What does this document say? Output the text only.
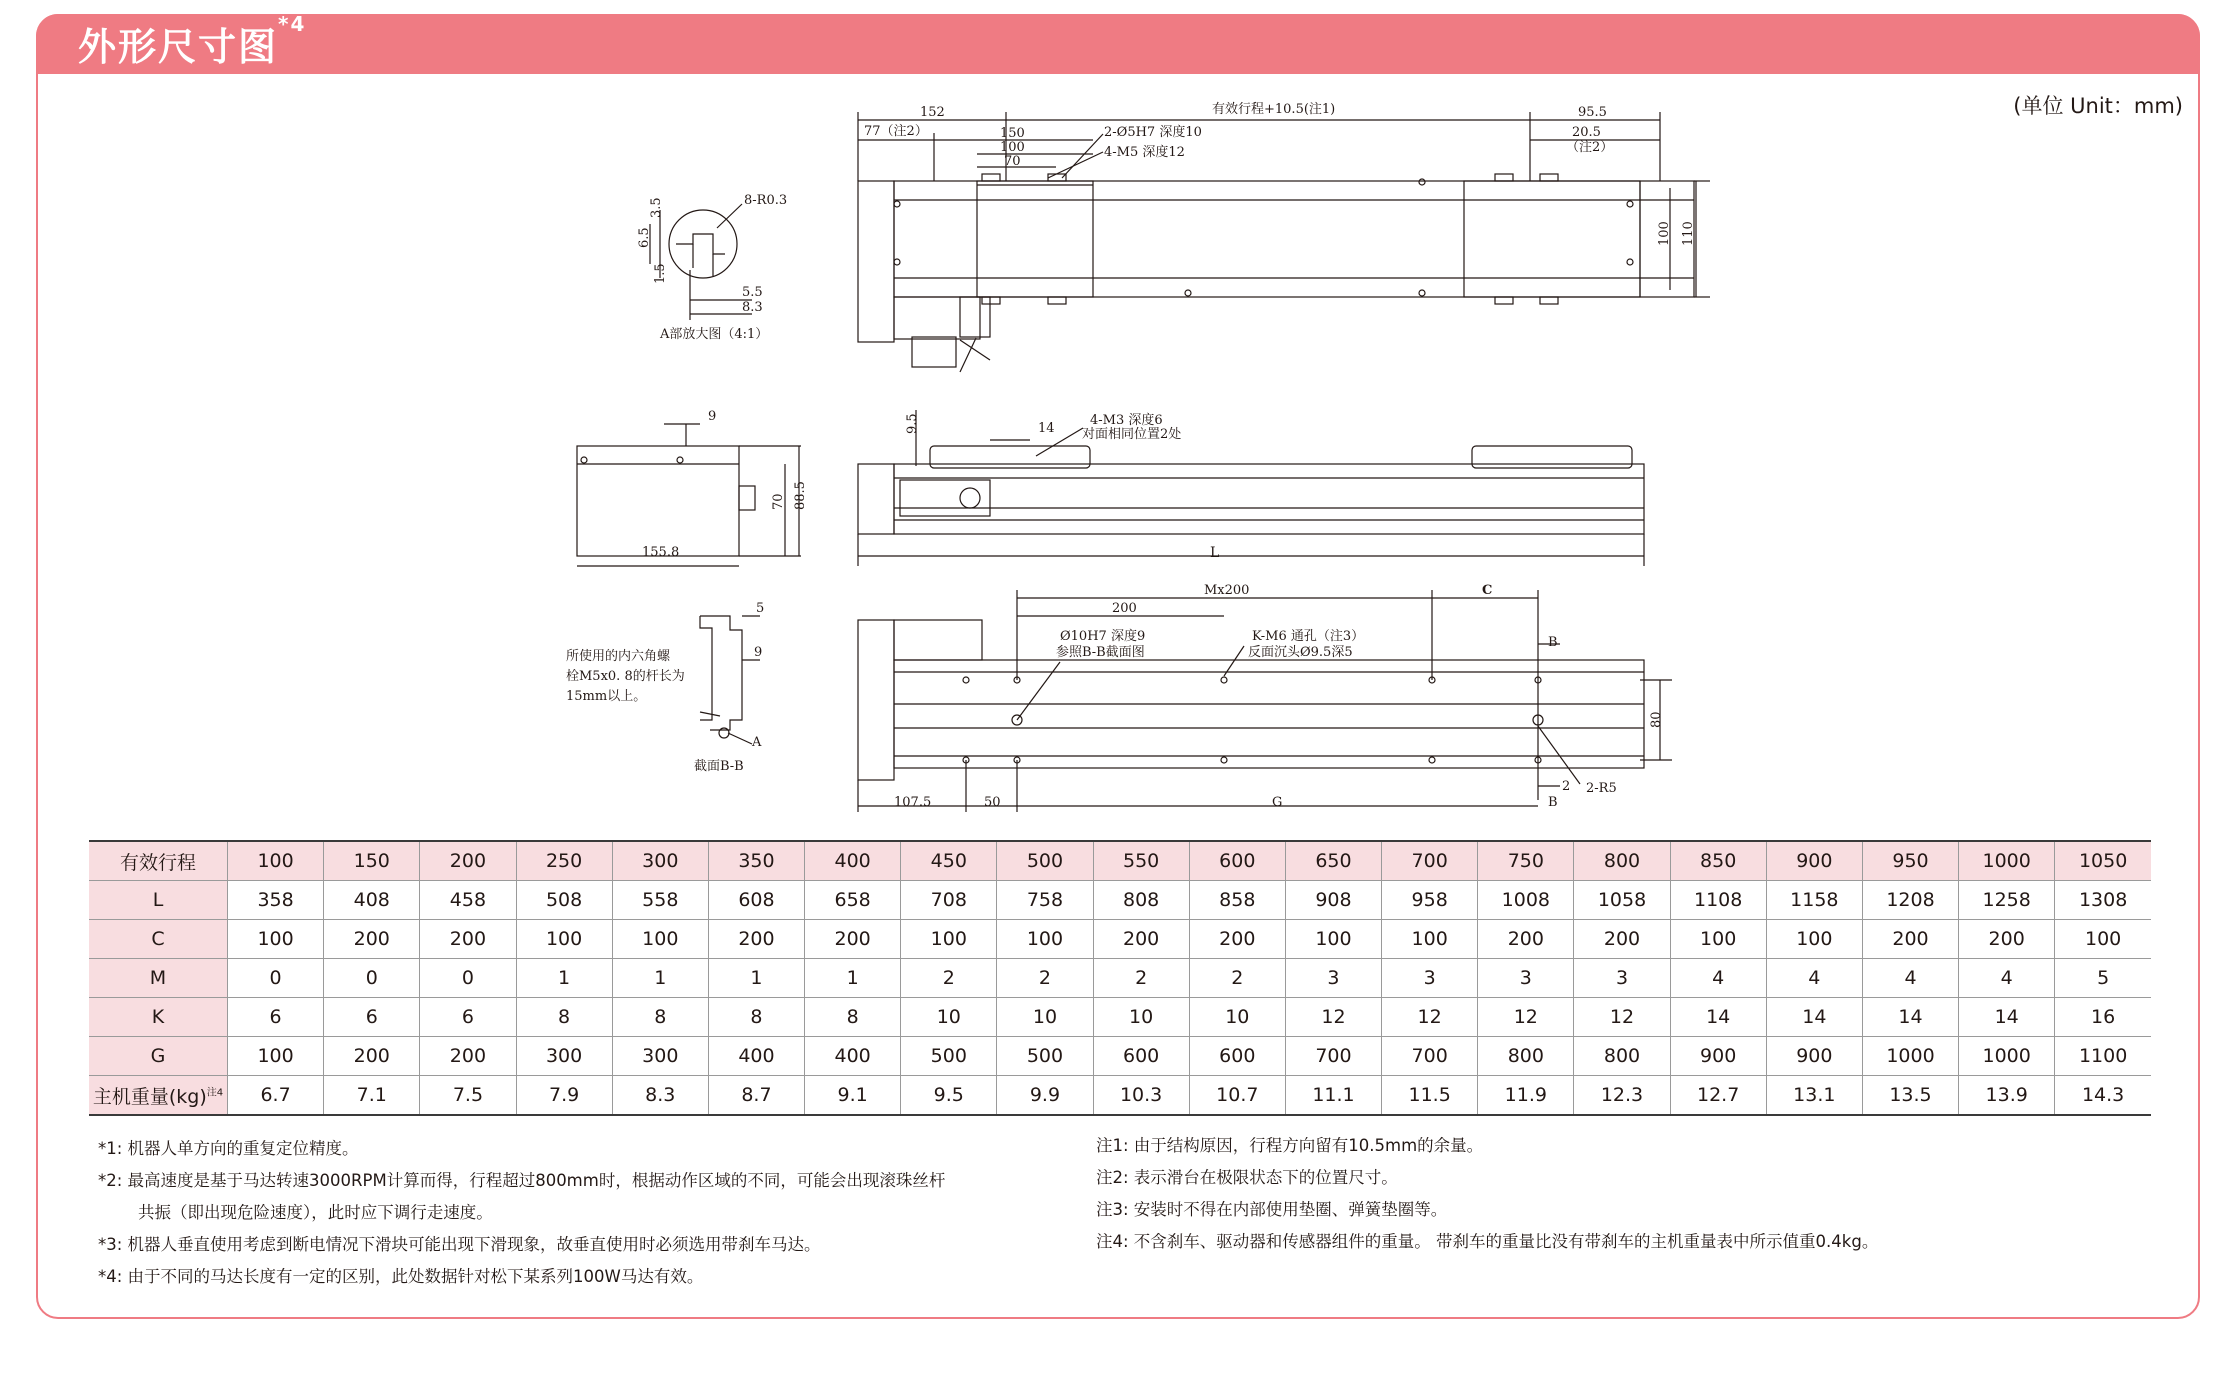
外形尺寸图$^{*4}$
(单位 Unit：mm)
152	有效行程+10.5(注1)	95.5
77（注2）	150
100
70
2-Ø5H7 深度10
4-M5 深度12
20.5
（注2）
100 110
8-R0.3
3.5
6.5
1.5
5.5
8.3
A部放大图（4:1）
9
70 88.5
155.8
9.5	14
4-M3 深度6
对面相同位置2处
L
5
9
所使用的内六角螺
栓M5x0. 8的杆长为
15mm以上。
A
截面B-B
200
Mx200	C
Ø10H7 深度9
参照B-B截面图
K-M6 通孔（注3）
反面沉头Ø9.5深5
B
B
80
2 2-R5
107.5	50	G
有效行程	100	150	200	250	300	350	400	450	500	550	600	650	700	750	800	850	900	950	1000	1050
L	358	408	458	508	558	608	658	708	758	808	858	908	958	1008	1058	1108	1158	1208	1258	1308
C	100	200	200	100	100	200	200	100	100	200	200	100	100	200	200	100	100	200	200	100
M	0	0	0	1	1	1	1	2	2	2	2	3	3	3	3	4	4	4	4	5
K	6	6	6	8	8	8	8	10	10	10	10	12	12	12	12	14	14	14	14	16
G	100	200	200	300	300	400	400	500	500	600	600	700	700	800	800	900	900	1000	1000	1100
主机重量(kg)$^{注4}$	6.7	7.1	7.5	7.9	8.3	8.7	9.1	9.5	9.9	10.3	10.7	11.1	11.5	11.9	12.3	12.7	13.1	13.5	13.9	14.3

*1: 机器人单方向的重复定位精度。

*2: 最高速度是基于马达转速3000RPM计算而得，行程超过800mm时，根据动作区域的不同，可能会出现滚珠丝杆

共振（即出现危险速度），此时应下调行走速度。

*3: 机器人垂直使用考虑到断电情况下滑块可能出现下滑现象，故垂直使用时必须选用带刹车马达。

*4: 由于不同的马达长度有一定的区别，此处数据针对松下某系列100W马达有效。

注1: 由于结构原因，行程方向留有10.5mm的余量。

注2: 表示滑台在极限状态下的位置尺寸。

注3: 安装时不得在内部使用垫圈、弹簧垫圈等。

注4: 不含刹车、驱动器和传感器组件的重量。 带刹车的重量比没有带刹车的主机重量表中所示值重0.4kg。
